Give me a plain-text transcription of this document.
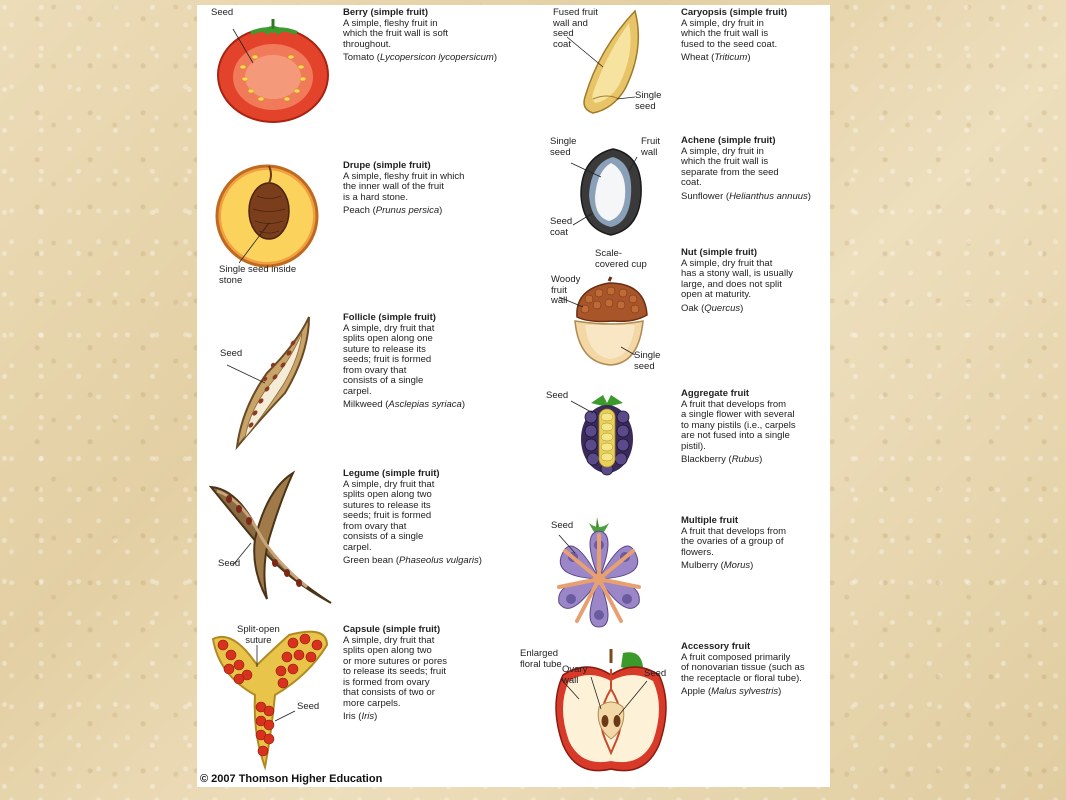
Seed	Berry (simple fruit)
A simple, fleshy fruit in
which the fruit wall is soft
throughout.
Tomato (Lycopersicon lycopersicum)
Single seed inside
stone
Drupe (simple fruit)
A simple, fleshy fruit in which
the inner wall of the fruit
is a hard stone.
Peach (Prunus persica)
Seed
Follicle (simple fruit)
A simple, dry fruit that
splits open along one
suture to release its
seeds; fruit is formed
from ovary that
consists of a single
carpel.
Milkweed (Asclepias syriaca)
Seed
Legume (simple fruit)
A simple, dry fruit that
splits open along two
sutures to release its
seeds; fruit is formed
from ovary that
consists of a single
carpel.
Green bean (Phaseolus vulgaris)
Split-open
suture
Seed
Capsule (simple fruit)
A simple, dry fruit that
splits open along two
or more sutures or pores
to release its seeds; fruit
is formed from ovary
that consists of two or
more carpels.
Iris (Iris)
Fused fruit
wall and
seed
coat
Single
seed
Caryopsis (simple fruit)
A simple, dry fruit in
which the fruit wall is
fused to the seed coat.
Wheat (Triticum)
Single
seed
Fruit
wall
Seed
coat
Achene (simple fruit)
A simple, dry fruit in
which the fruit wall is
separate from the seed
coat.
Sunflower (Helianthus annuus)
Scale-
covered cup
Woody
fruit
wall
Single
seed
Nut (simple fruit)
A simple, dry fruit that
has a stony wall, is usually
large, and does not split
open at maturity.
Oak (Quercus)
Seed	Aggregate fruit
A fruit that develops from
a single flower with several
to many pistils (i.e., carpels
are not fused into a single
pistil).
Blackberry (Rubus)
Seed	Multiple fruit
A fruit that develops from
the ovaries of a group of
flowers.
Mulberry (Morus)
Enlarged
floral tube Ovary
wall
Seed
Accessory fruit
A fruit composed primarily
of nonovarian tissue (such as
the receptacle or floral tube).
Apple (Malus sylvestris)
© 2007 Thomson Higher Education
